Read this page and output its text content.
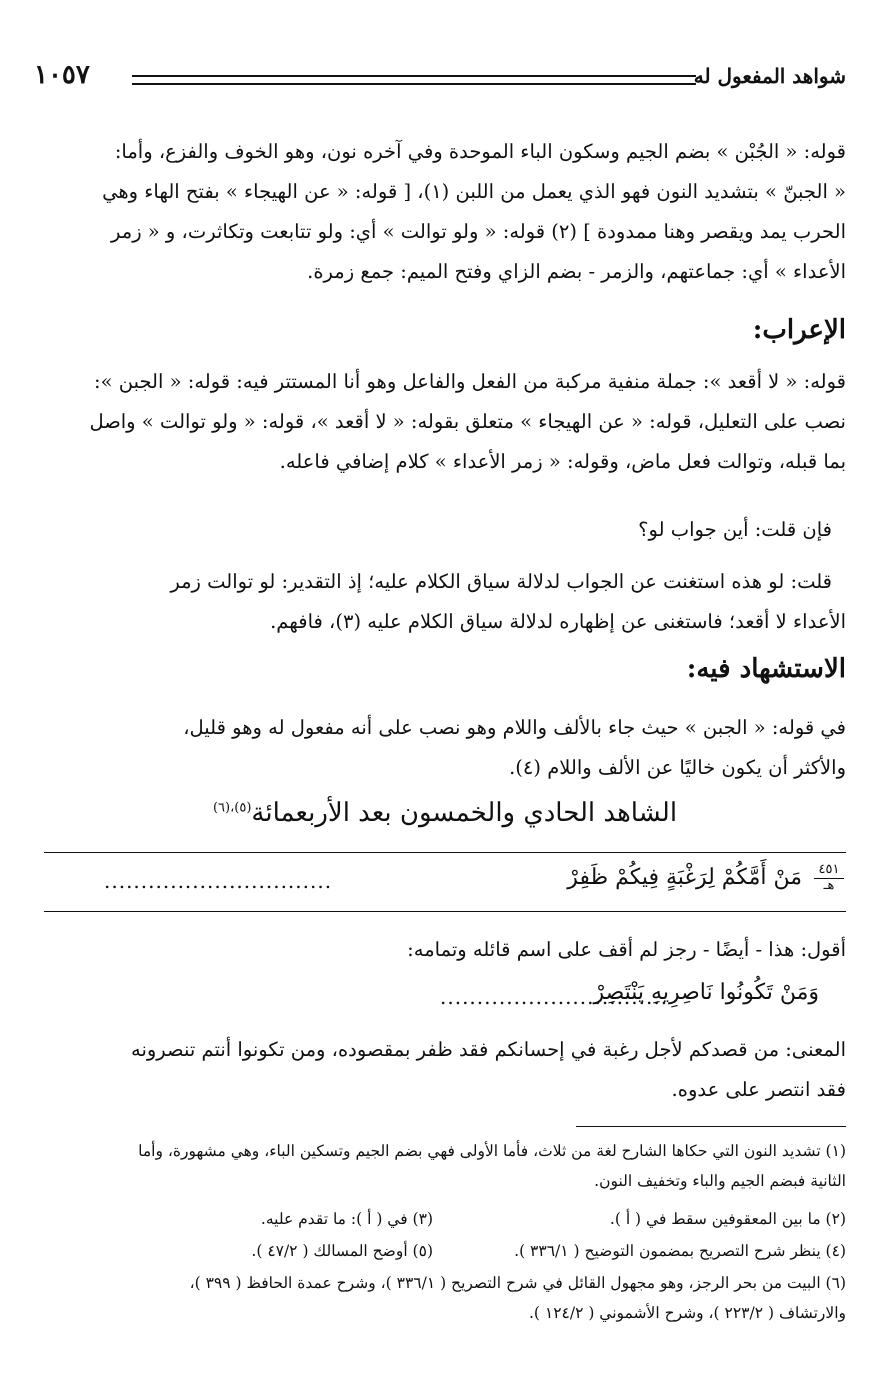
شواهد المفعول له
١٠٥٧
قوله: « الجُبْن » بضم الجيم وسكون الباء الموحدة وفي آخره نون، وهو الخوف والفزع، وأما:
« الجبنّ » بتشديد النون فهو الذي يعمل من اللبن (١)، [ قوله: « عن الهيجاء » بفتح الهاء وهي
الحرب يمد ويقصر وهنا ممدودة ] (٢) قوله: « ولو توالت » أي: ولو تتابعت وتكاثرت، و « زمر
الأعداء » أي: جماعتهم، والزمر - بضم الزاي وفتح الميم: جمع زمرة.
الإعراب:
قوله: « لا أقعد »: جملة منفية مركبة من الفعل والفاعل وهو أنا المستتر فيه: قوله: « الجبن »:
نصب على التعليل، قوله: « عن الهيجاء » متعلق بقوله: « لا أقعد »، قوله: « ولو توالت » واصل
بما قبله، وتوالت فعل ماض، وقوله: « زمر الأعداء » كلام إضافي فاعله.
فإن قلت: أين جواب لو؟
قلت: لو هذه استغنت عن الجواب لدلالة سياق الكلام عليه؛ إذ التقدير: لو توالت زمر
الأعداء لا أقعد؛ فاستغنى عن إظهاره لدلالة سياق الكلام عليه (٣)، فافهم.
الاستشهاد فيه:
في قوله: « الجبن » حيث جاء بالألف واللام وهو نصب على أنه مفعول له وهو قليل،
والأكثر أن يكون خاليًا عن الألف واللام (٤).
الشاهد الحادي والخمسون بعد الأربعمائة$^{(٥)،(٦)}$
٤٥١
هـ
مَنْ أَمَّكُمْ لِرَغْبَةٍ فِيكُمْ ظَفِرْ
...............................
أقول: هذا - أيضًا - رجز لم أقف على اسم قائله وتمامه:
وَمَنْ تَكُونُوا نَاصِرِيهِ يَنْتَصِرْ
...............................
المعنى: من قصدكم لأجل رغبة في إحسانكم فقد ظفر بمقصوده، ومن تكونوا أنتم تنصرونه
فقد انتصر على عدوه.
(١) تشديد النون التي حكاها الشارح لغة من ثلاث، فأما الأولى فهي بضم الجيم وتسكين الباء، وهي مشهورة، وأما
الثانية فبضم الجيم والباء وتخفيف النون.
(٢) ما بين المعقوفين سقط في ( أ ).
(٣) في ( أ ): ما تقدم عليه.
(٤) ينظر شرح التصريح بمضمون التوضيح ( ٣٣٦/١ ).
(٥) أوضح المسالك ( ٤٧/٢ ).
(٦) البيت من بحر الرجز، وهو مجهول القائل في شرح التصريح ( ٣٣٦/١ )، وشرح عمدة الحافظ ( ٣٩٩ )،
والارتشاف ( ٢٢٣/٢ )، وشرح الأشموني ( ١٢٤/٢ ).
